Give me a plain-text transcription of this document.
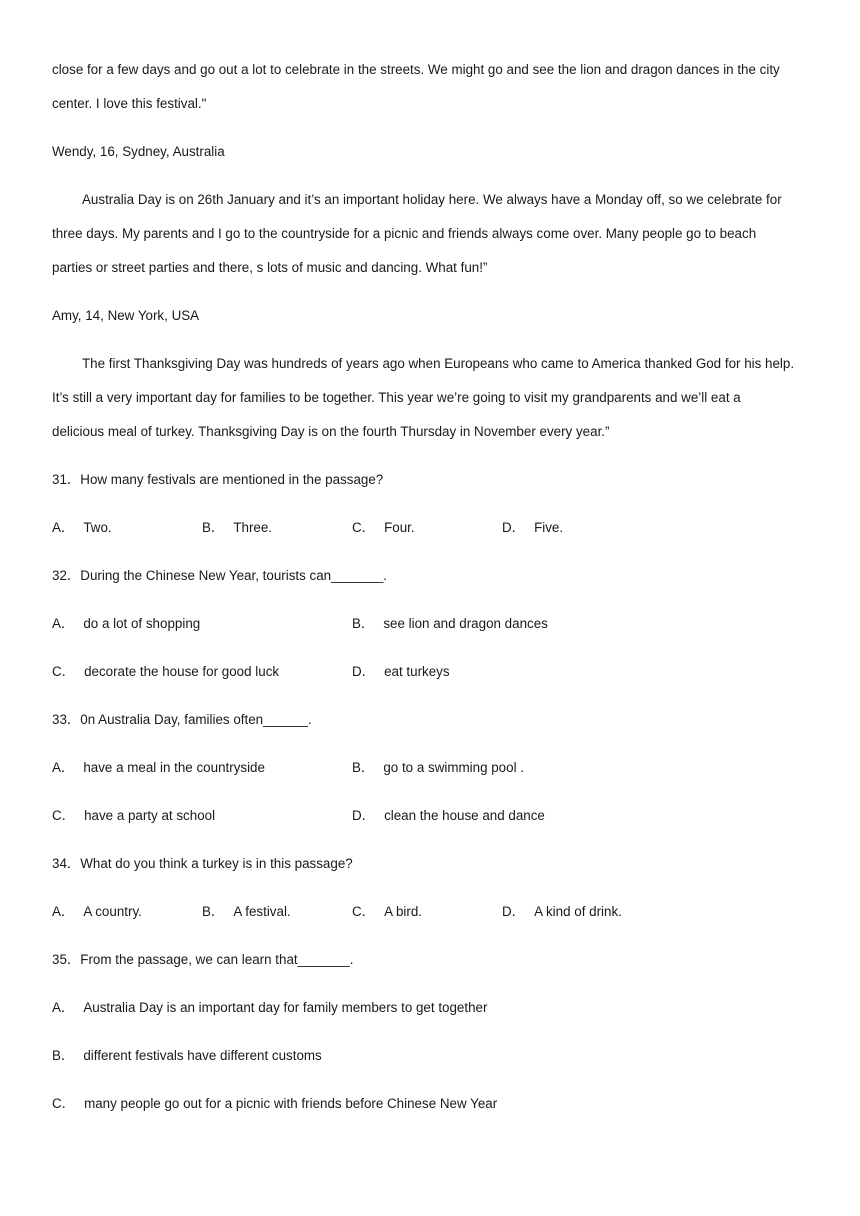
close for a few days and go out a lot to celebrate in the streets. We might go and see the lion and dragon dances in the city
center. I love this festival."
Wendy, 16, Sydney, Australia
Australia Day is on 26th January and it’s an important holiday here. We always have a Monday off, so we celebrate for
three days. My parents and I go to the countryside for a picnic and friends always come over. Many people go to beach
parties or street parties and there, s lots of music and dancing. What fun!”
Amy, 14, New York, USA
The first Thanksgiving Day was hundreds of years ago when Europeans who came to America thanked God for his help.
It’s still a very important day for families to be together. This year we’re going to visit my grandparents and we’ll eat a
delicious meal of turkey. Thanksgiving Day is on the fourth Thursday in November every year.”
31．How many festivals are mentioned in the passage?
A． Two.	B． Three.	C． Four.	D． Five.
32．During the Chinese New Year, tourists can_______.
A． do a lot of shopping	B． see lion and dragon dances
C． decorate the house for good luck	D． eat turkeys
33．0n Australia Day, families often______.
A． have a meal in the countryside	B． go to a swimming pool .
C． have a party at school	D． clean the house and dance
34．What do you think a turkey is in this passage?
A． A country.	B． A festival.	C． A bird.	D． A kind of drink.
35．From the passage, we can learn that_______.
A． Australia Day is an important day for family members to get together
B． different festivals have different customs
C． many people go out for a picnic with friends before Chinese New Year
